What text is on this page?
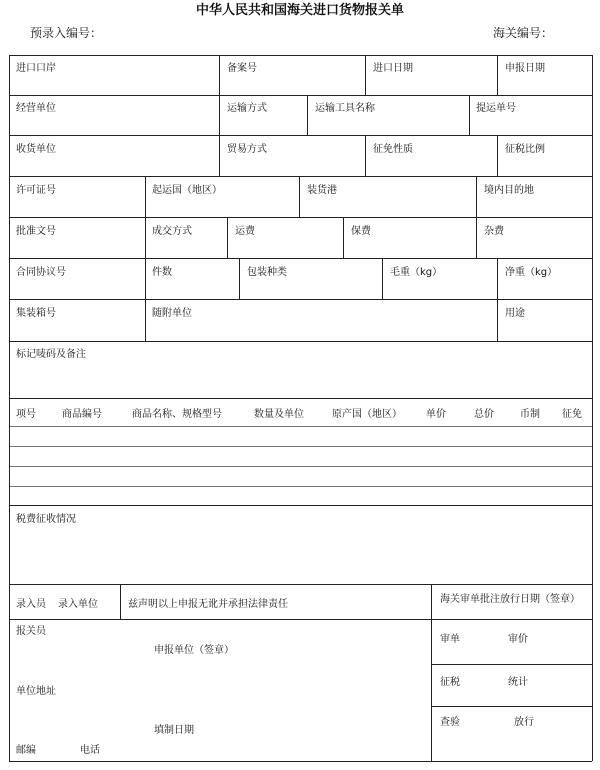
中华人民共和国海关进口货物报关单
预录入编号：	海关编号：
进口口岸	备案号	进口日期	申报日期
经营单位	运输方式	运输工具名称	提运单号
收货单位	贸易方式	征免性质	征税比例
许可证号	起运国（地区）	装货港	境内目的地
批准文号	成交方式	运费	保费	杂费
合同协议号	件数	包装种类	毛重（kg）	净重（kg）
集装箱号	随附单位	用途
标记唛码及备注
项号	商品编号	商品名称、规格型号	数量及单位	原产国（地区） 单价	总价	币制 征免
税费征收情况
录入员 录入单位	兹声明以上申报无讹并承担法律责任	海关审单批注放行日期（签章）
报关员
申报单位（签章）
审单	审价
单位地址
征税	统计
填制日期
查验	放行
邮编	电话
